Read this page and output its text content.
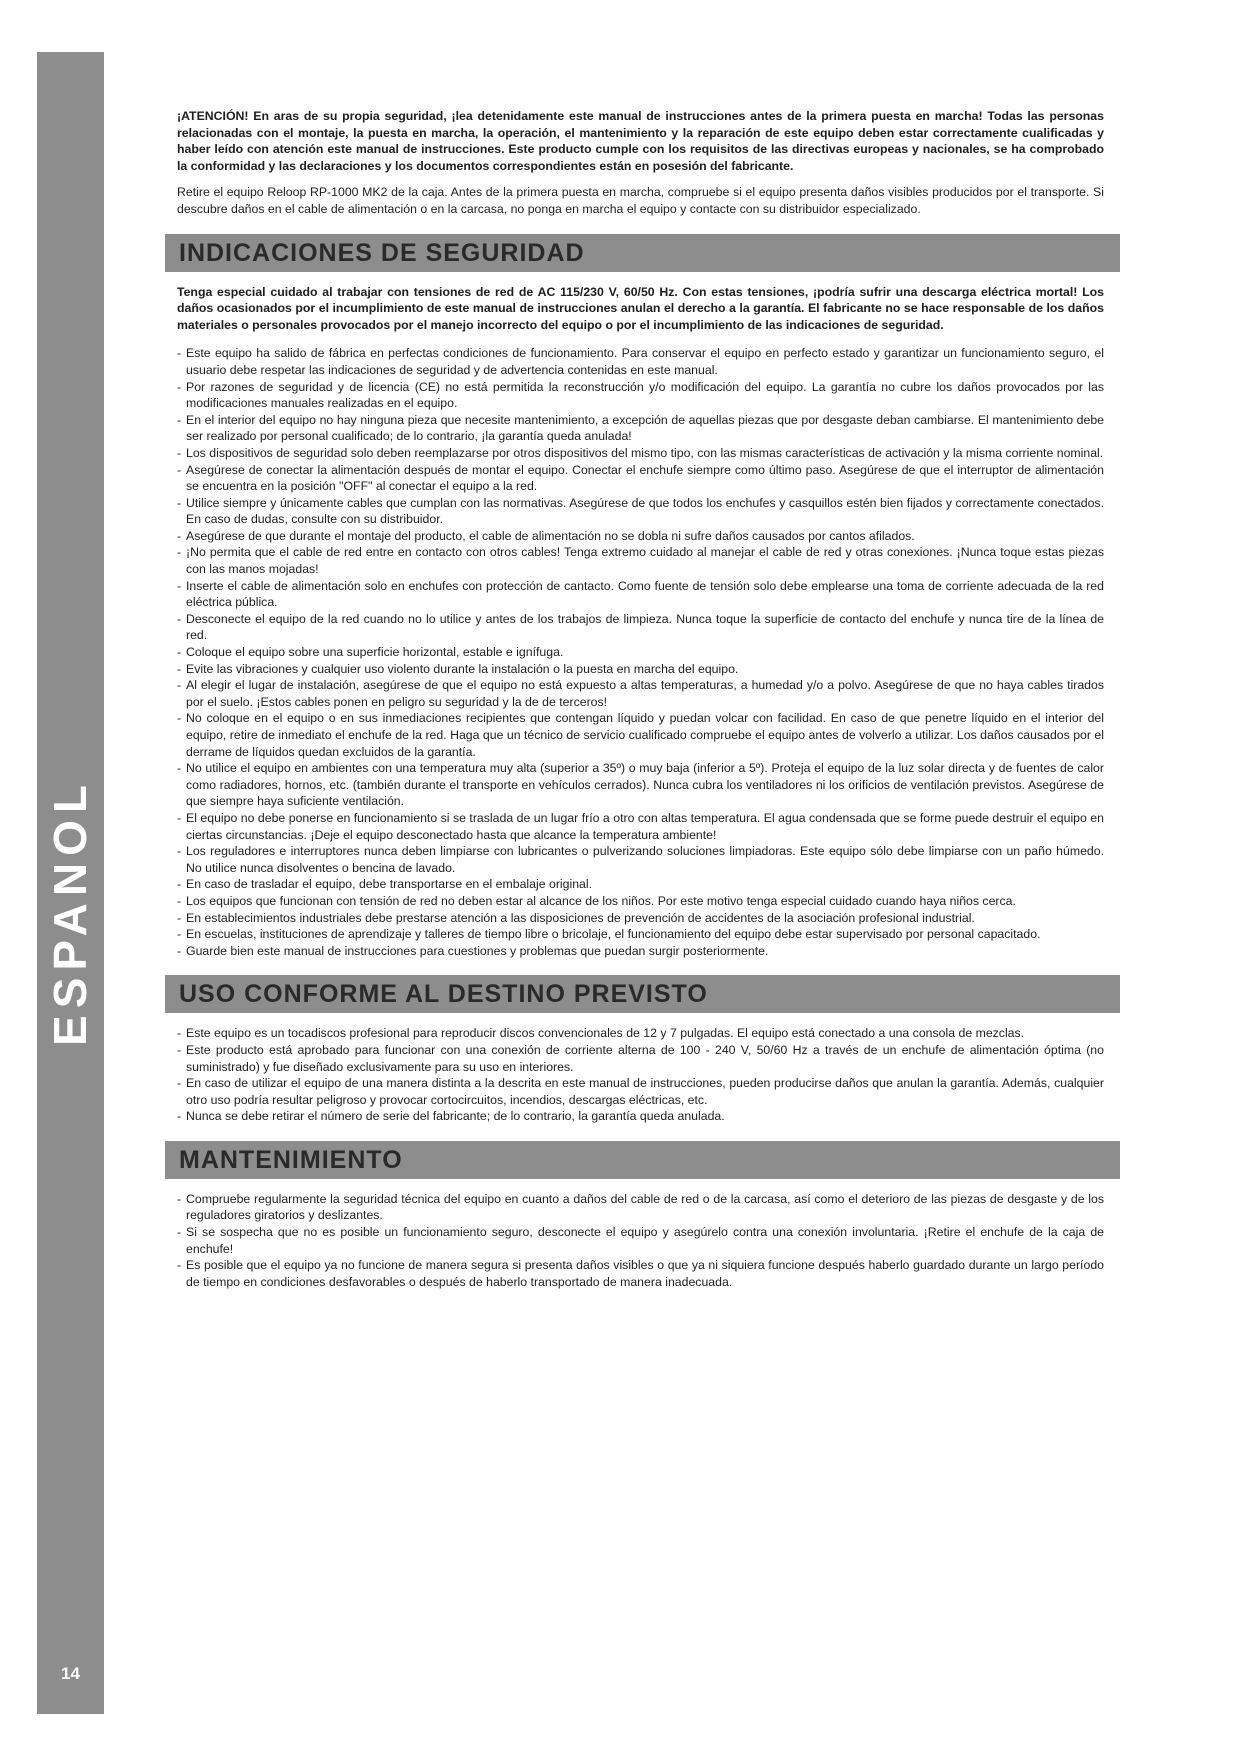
ESPANOL
14

¡ATENCIÓN! En aras de su propia seguridad, ¡lea detenidamente este manual de instrucciones antes de la primera puesta en marcha! Todas las personas relacionadas con el montaje, la puesta en marcha, la operación, el mantenimiento y la reparación de este equipo deben estar correctamente cualificadas y haber leído con atención este manual de instrucciones. Este producto cumple con los requisitos de las directivas europeas y nacionales, se ha comprobado la conformidad y las declaraciones y los documentos correspondientes están en posesión del fabricante.

Retire el equipo Reloop RP-1000 MK2 de la caja. Antes de la primera puesta en marcha, compruebe si el equipo presenta daños visibles producidos por el transporte. Si descubre daños en el cable de alimentación o en la carcasa, no ponga en marcha el equipo y contacte con su distribuidor especializado.

INDICACIONES DE SEGURIDAD

Tenga especial cuidado al trabajar con tensiones de red de AC 115/230 V, 60/50 Hz. Con estas tensiones, ¡podría sufrir una descarga eléctrica mortal! Los daños ocasionados por el incumplimiento de este manual de instrucciones anulan el derecho a la garantía. El fabricante no se hace responsable de los daños materiales o personales provocados por el manejo incorrecto del equipo o por el incumplimiento de las indicaciones de seguridad.

- Este equipo ha salido de fábrica en perfectas condiciones de funcionamiento. Para conservar el equipo en perfecto estado y garantizar un funcionamiento seguro, el usuario debe respetar las indicaciones de seguridad y de advertencia contenidas en este manual.
- Por razones de seguridad y de licencia (CE) no está permitida la reconstrucción y/o modificación del equipo. La garantía no cubre los daños provocados por las modificaciones manuales realizadas en el equipo.
- En el interior del equipo no hay ninguna pieza que necesite mantenimiento, a excepción de aquellas piezas que por desgaste deban cambiarse. El mantenimiento debe ser realizado por personal cualificado; de lo contrario, ¡la garantía queda anulada!
- Los dispositivos de seguridad solo deben reemplazarse por otros dispositivos del mismo tipo, con las mismas características de activación y la misma corriente nominal.
- Asegúrese de conectar la alimentación después de montar el equipo. Conectar el enchufe siempre como último paso. Asegúrese de que el interruptor de alimentación se encuentra en la posición "OFF" al conectar el equipo a la red.
- Utilice siempre y únicamente cables que cumplan con las normativas. Asegúrese de que todos los enchufes y casquillos estén bien fijados y correctamente conectados. En caso de dudas, consulte con su distribuidor.
- Asegúrese de que durante el montaje del producto, el cable de alimentación no se dobla ni sufre daños causados por cantos afilados.
- ¡No permita que el cable de red entre en contacto con otros cables! Tenga extremo cuidado al manejar el cable de red y otras conexiones. ¡Nunca toque estas piezas con las manos mojadas!
- Inserte el cable de alimentación solo en enchufes con protección de cantacto. Como fuente de tensión solo debe emplearse una toma de corriente adecuada de la red eléctrica pública.
- Desconecte el equipo de la red cuando no lo utilice y antes de los trabajos de limpieza. Nunca toque la superficie de contacto del enchufe y nunca tire de la línea de red.
- Coloque el equipo sobre una superficie horizontal, estable e ignífuga.
- Evite las vibraciones y cualquier uso violento durante la instalación o la puesta en marcha del equipo.
- Al elegir el lugar de instalación, asegúrese de que el equipo no está expuesto a altas temperaturas, a humedad y/o a polvo. Asegúrese de que no haya cables tirados por el suelo. ¡Estos cables ponen en peligro su seguridad y la de de terceros!
- No coloque en el equipo o en sus inmediaciones recipientes que contengan líquido y puedan volcar con facilidad. En caso de que penetre líquido en el interior del equipo, retire de inmediato el enchufe de la red. Haga que un técnico de servicio cualificado compruebe el equipo antes de volverlo a utilizar. Los daños causados por el derrame de líquidos quedan excluidos de la garantía.
- No utilice el equipo en ambientes con una temperatura muy alta (superior a 35º) o muy baja (inferior a 5º). Proteja el equipo de la luz solar directa y de fuentes de calor como radiadores, hornos, etc. (también durante el transporte en vehículos cerrados). Nunca cubra los ventiladores ni los orificios de ventilación previstos. Asegúrese de que siempre haya suficiente ventilación.
- El equipo no debe ponerse en funcionamiento si se traslada de un lugar frío a otro con altas temperatura. El agua condensada que se forme puede destruir el equipo en ciertas circunstancias. ¡Deje el equipo desconectado hasta que alcance la temperatura ambiente!
- Los reguladores e interruptores nunca deben limpiarse con lubricantes o pulverizando soluciones limpiadoras. Este equipo sólo debe limpiarse con un paño húmedo. No utilice nunca disolventes o bencina de lavado.
- En caso de trasladar el equipo, debe transportarse en el embalaje original.
- Los equipos que funcionan con tensión de red no deben estar al alcance de los niños. Por este motivo tenga especial cuidado cuando haya niños cerca.
- En establecimientos industriales debe prestarse atención a las disposiciones de prevención de accidentes de la asociación profesional industrial.
- En escuelas, instituciones de aprendizaje y talleres de tiempo libre o bricolaje, el funcionamiento del equipo debe estar supervisado por personal capacitado.
- Guarde bien este manual de instrucciones para cuestiones y problemas que puedan surgir posteriormente.
USO CONFORME AL DESTINO PREVISTO
- Este equipo es un tocadiscos profesional para reproducir discos convencionales de 12 y 7 pulgadas. El equipo está conectado a una consola de mezclas.
- Este producto está aprobado para funcionar con una conexión de corriente alterna de 100 - 240 V, 50/60 Hz a través de un enchufe de alimentación óptima (no suministrado) y fue diseñado exclusivamente para su uso en interiores.
- En caso de utilizar el equipo de una manera distinta a la descrita en este manual de instrucciones, pueden producirse daños que anulan la garantía. Además, cualquier otro uso podría resultar peligroso y provocar cortocircuitos, incendios, descargas eléctricas, etc.
- Nunca se debe retirar el número de serie del fabricante; de lo contrario, la garantía queda anulada.
MANTENIMIENTO
- Compruebe regularmente la seguridad técnica del equipo en cuanto a daños del cable de red o de la carcasa, así como el deterioro de las piezas de desgaste y de los reguladores giratorios y deslizantes.
- Si se sospecha que no es posible un funcionamiento seguro, desconecte el equipo y asegúrelo contra una conexión involuntaria. ¡Retire el enchufe de la caja de enchufe!
- Es posible que el equipo ya no funcione de manera segura si presenta daños visibles o que ya ni siquiera funcione después haberlo guardado durante un largo período de tiempo en condiciones desfavorables o después de haberlo transportado de manera inadecuada.
